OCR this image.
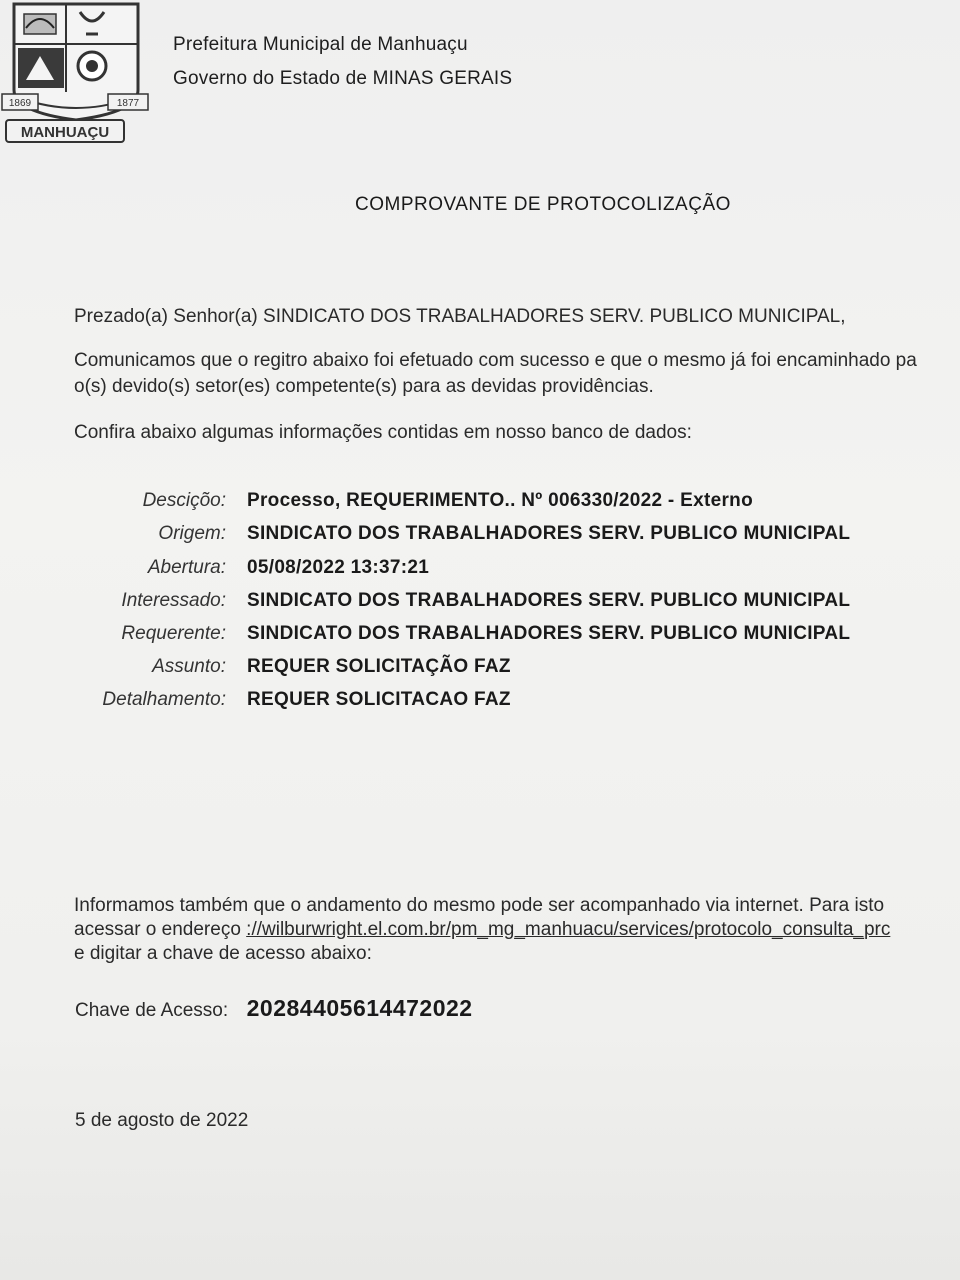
1869	1877
MANHUAÇU
Prefeitura Municipal de Manhuaçu
Governo do Estado de MINAS GERAIS
COMPROVANTE DE PROTOCOLIZAÇÃO
Prezado(a) Senhor(a) SINDICATO DOS TRABALHADORES SERV. PUBLICO MUNICIPAL,
Comunicamos que o regitro abaixo foi efetuado com sucesso e que o mesmo já foi encaminhado pa
o(s) devido(s) setor(es) competente(s) para as devidas providências.
Confira abaixo algumas informações contidas em nosso banco de dados:
Desciçõo: Processo, REQUERIMENTO.. Nº 006330/2022 - Externo
Origem: SINDICATO DOS TRABALHADORES SERV. PUBLICO MUNICIPAL
Abertura: 05/08/2022 13:37:21
Interessado: SINDICATO DOS TRABALHADORES SERV. PUBLICO MUNICIPAL
Requerente: SINDICATO DOS TRABALHADORES SERV. PUBLICO MUNICIPAL
Assunto: REQUER SOLICITAÇÃO FAZ
Detalhamento: REQUER SOLICITACAO FAZ
Informamos também que o andamento do mesmo pode ser acompanhado via internet. Para isto
acessar o endereço ://wilburwright.el.com.br/pm_mg_manhuacu/services/protocolo_consulta_prc
e digitar a chave de acesso abaixo:
Chave de Acesso: 20284405614472022
5 de agosto de 2022
